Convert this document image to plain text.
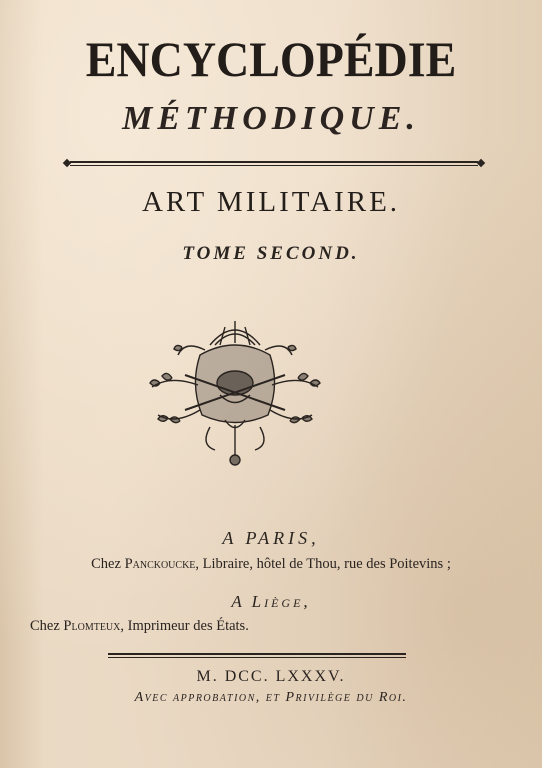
ENCYCLOPÉDIE
MÉTHODIQUE.
ART MILITAIRE.
TOME SECOND.
A PARIS,
Chez Panckoucke, Libraire, hôtel de Thou, rue des Poitevins ;
A Liège,
Chez Plomteux, Imprimeur des États.
M. DCC. LXXXV.
Avec approbation, et Privilège du Roi.
